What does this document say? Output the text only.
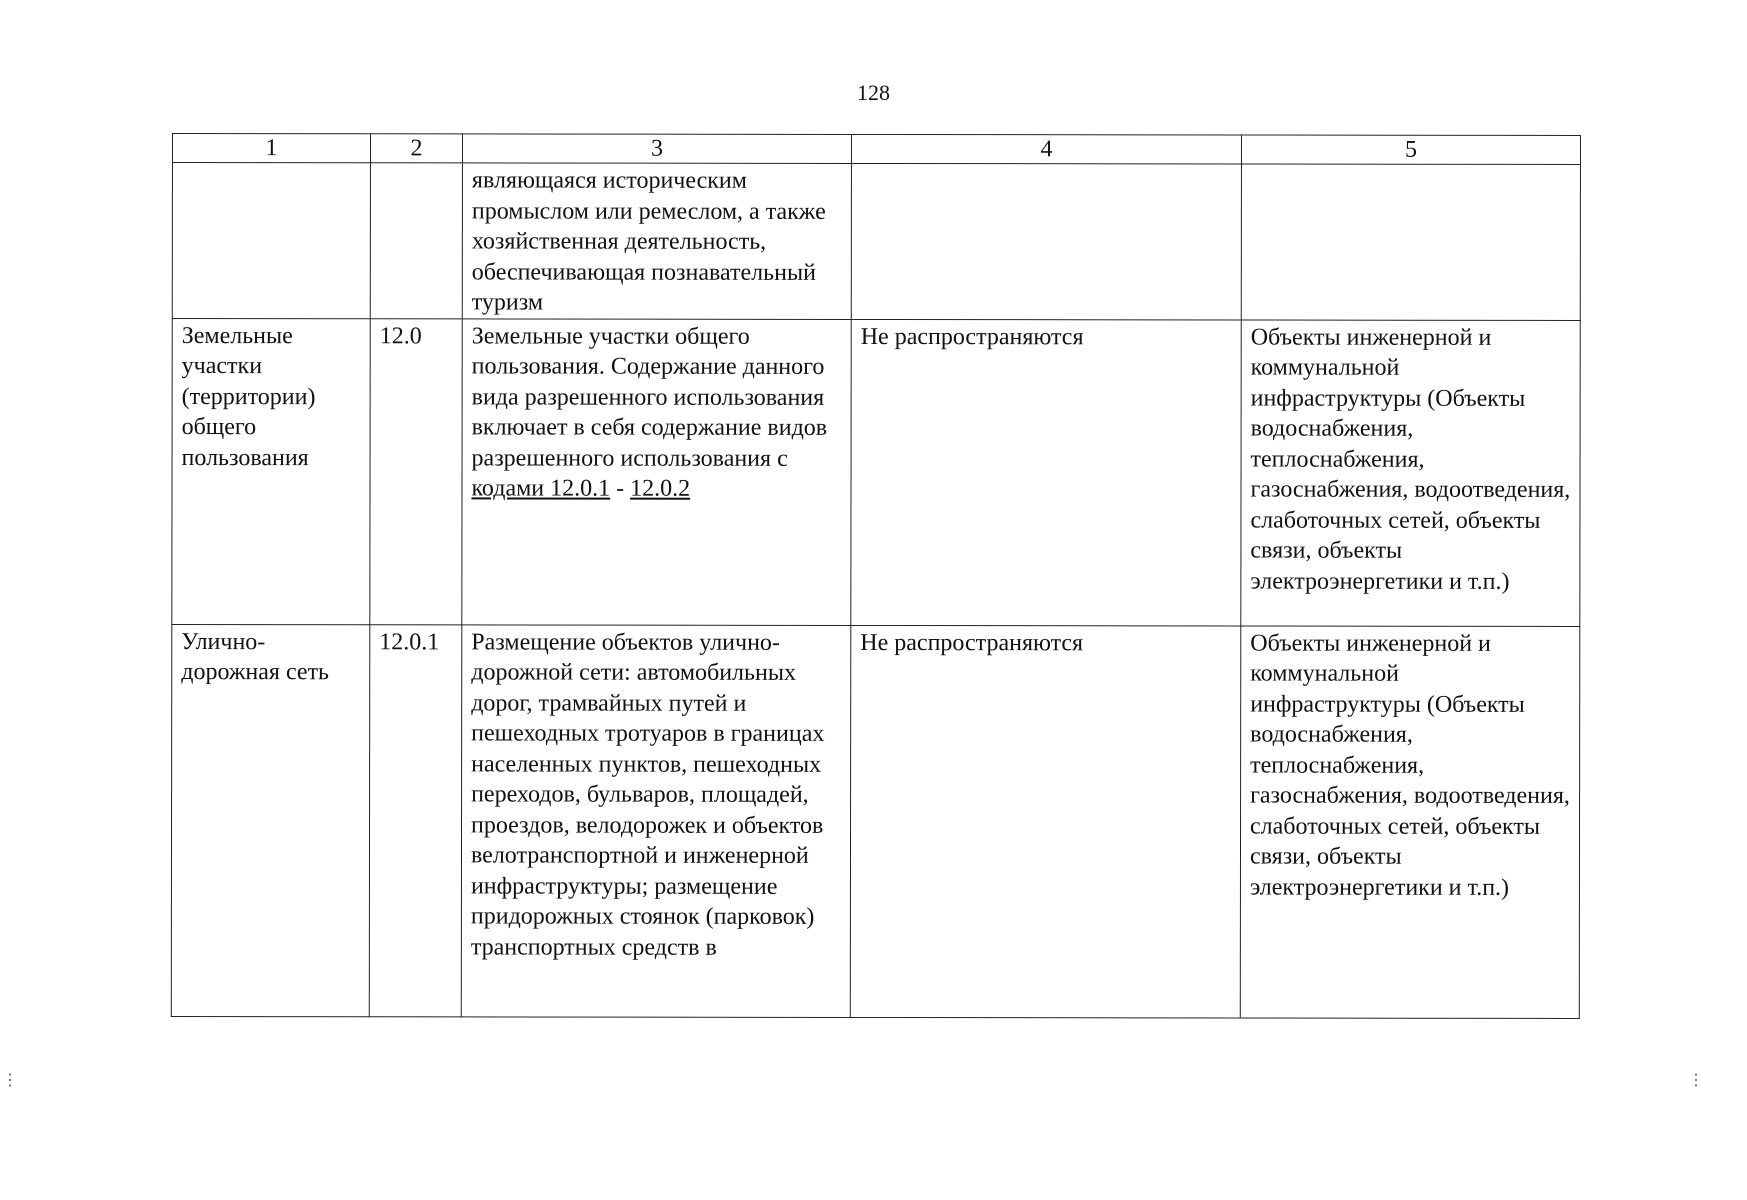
128
1	2	3	4	5
		являющаяся историческим промыслом или ремеслом, а также хозяйственная деятельность, обеспечивающая познавательный туризм		
Земельные участки (территории) общего пользования	12.0	Земельные участки общего пользования. Содержание данного вида разрешенного использования включает в себя содержание видов разрешенного использования с кодами 12.0.1 - 12.0.2	Не распространяются	Объекты инженерной и коммунальной инфраструктуры (Объекты водоснабжения, теплоснабжения, газоснабжения, водоотведения, слаботочных сетей, объекты связи, объекты электроэнергетики и т.п.)
Улично-дорожная сеть	12.0.1	Размещение объектов улично-дорожной сети: автомобильных дорог, трамвайных путей и пешеходных тротуаров в границах населенных пунктов, пешеходных переходов, бульваров, площадей, проездов, велодорожек и объектов велотранспортной и инженерной инфраструктуры; размещение придорожных стоянок (парковок) транспортных средств в	Не распространяются	Объекты инженерной и коммунальной инфраструктуры (Объекты водоснабжения, теплоснабжения, газоснабжения, водоотведения, слаботочных сетей, объекты связи, объекты электроэнергетики и т.п.)
⋮	⋮
